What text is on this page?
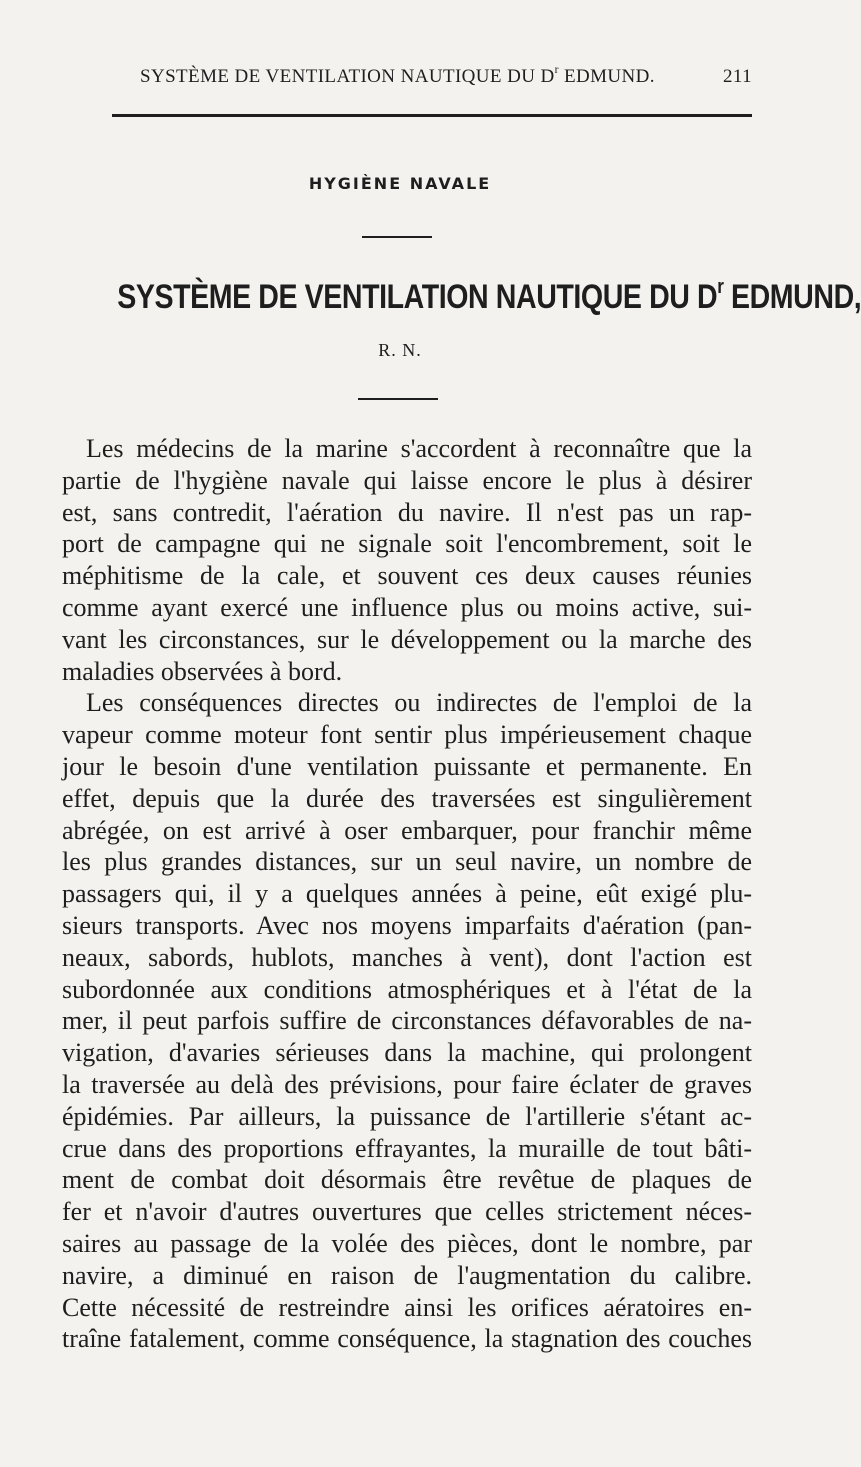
SYSTÈME DE VENTILATION NAUTIQUE DU $D^r$ EDMUND.	211
HYGIÈNE NAVALE
SYSTÈME DE VENTILATION NAUTIQUE DU $D^r$ EDMUND,
R. N.
Les médecins de la marine s'accordent à reconnaître que la
partie de l'hygiène navale qui laisse encore le plus à désirer
est, sans contredit, l'aération du navire. Il n'est pas un rap-
port de campagne qui ne signale soit l'encombrement, soit le
méphitisme de la cale, et souvent ces deux causes réunies
comme ayant exercé une influence plus ou moins active, sui-
vant les circonstances, sur le développement ou la marche des
maladies observées à bord.
Les conséquences directes ou indirectes de l'emploi de la
vapeur comme moteur font sentir plus impérieusement chaque
jour le besoin d'une ventilation puissante et permanente. En
effet, depuis que la durée des traversées est singulièrement
abrégée, on est arrivé à oser embarquer, pour franchir même
les plus grandes distances, sur un seul navire, un nombre de
passagers qui, il y a quelques années à peine, eût exigé plu-
sieurs transports. Avec nos moyens imparfaits d'aération (pan-
neaux, sabords, hublots, manches à vent), dont l'action est
subordonnée aux conditions atmosphériques et à l'état de la
mer, il peut parfois suffire de circonstances défavorables de na-
vigation, d'avaries sérieuses dans la machine, qui prolongent
la traversée au delà des prévisions, pour faire éclater de graves
épidémies. Par ailleurs, la puissance de l'artillerie s'étant ac-
crue dans des proportions effrayantes, la muraille de tout bâti-
ment de combat doit désormais être revêtue de plaques de
fer et n'avoir d'autres ouvertures que celles strictement néces-
saires au passage de la volée des pièces, dont le nombre, par
navire, a diminué en raison de l'augmentation du calibre.
Cette nécessité de restreindre ainsi les orifices aératoires en-
traîne fatalement, comme conséquence, la stagnation des couches
